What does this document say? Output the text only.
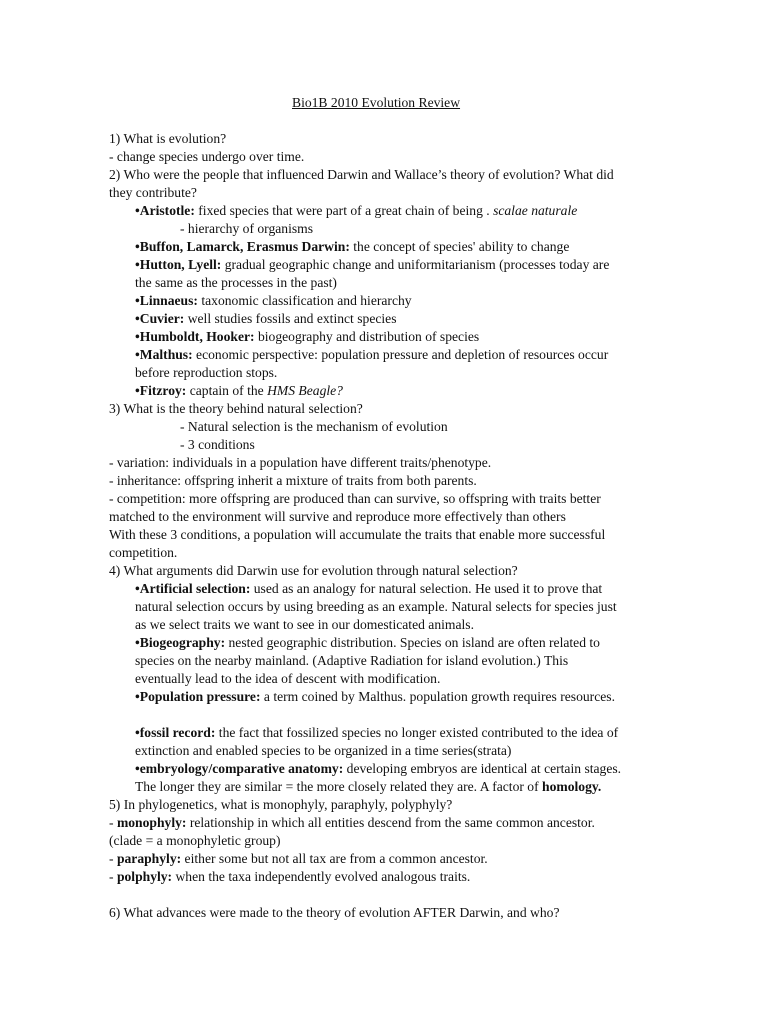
Bio1B 2010 Evolution Review
1) What is evolution?
- change species undergo over time.
2) Who were the people that influenced Darwin and Wallace’s theory of evolution? What did
they contribute?
•Aristotle: fixed species that were part of a great chain of being . scalae naturale
- hierarchy of organisms
•Buffon, Lamarck, Erasmus Darwin: the concept of species' ability to change
•Hutton, Lyell: gradual geographic change and uniformitarianism (processes today are
the same as the processes in the past)
•Linnaeus: taxonomic classification and hierarchy
•Cuvier: well studies fossils and extinct species
•Humboldt, Hooker: biogeography and distribution of species
•Malthus: economic perspective: population pressure and depletion of resources occur
before reproduction stops.
•Fitzroy: captain of the HMS Beagle?
3) What is the theory behind natural selection?
- Natural selection is the mechanism of evolution
- 3 conditions
- variation: individuals in a population have different traits/phenotype.
- inheritance: offspring inherit a mixture of traits from both parents.
- competition: more offspring are produced than can survive, so offspring with traits better
matched to the environment will survive and reproduce more effectively than others
With these 3 conditions, a population will accumulate the traits that enable more successful
competition.
4) What arguments did Darwin use for evolution through natural selection?
•Artificial selection: used as an analogy for natural selection. He used it to prove that
natural selection occurs by using breeding as an example. Natural selects for species just
as we select traits we want to see in our domesticated animals.
•Biogeography: nested geographic distribution. Species on island are often related to
species on the nearby mainland. (Adaptive Radiation for island evolution.) This
eventually lead to the idea of descent with modification.
•Population pressure: a term coined by Malthus. population growth requires resources.
•fossil record: the fact that fossilized species no longer existed contributed to the idea of
extinction and enabled species to be organized in a time series(strata)
•embryology/comparative anatomy: developing embryos are identical at certain stages.
The longer they are similar = the more closely related they are. A factor of homology.
5) In phylogenetics, what is monophyly, paraphyly, polyphyly?
- monophyly: relationship in which all entities descend from the same common ancestor.
(clade = a monophyletic group)
- paraphyly: either some but not all tax are from a common ancestor.
- polphyly: when the taxa independently evolved analogous traits.
6) What advances were made to the theory of evolution AFTER Darwin, and who?
